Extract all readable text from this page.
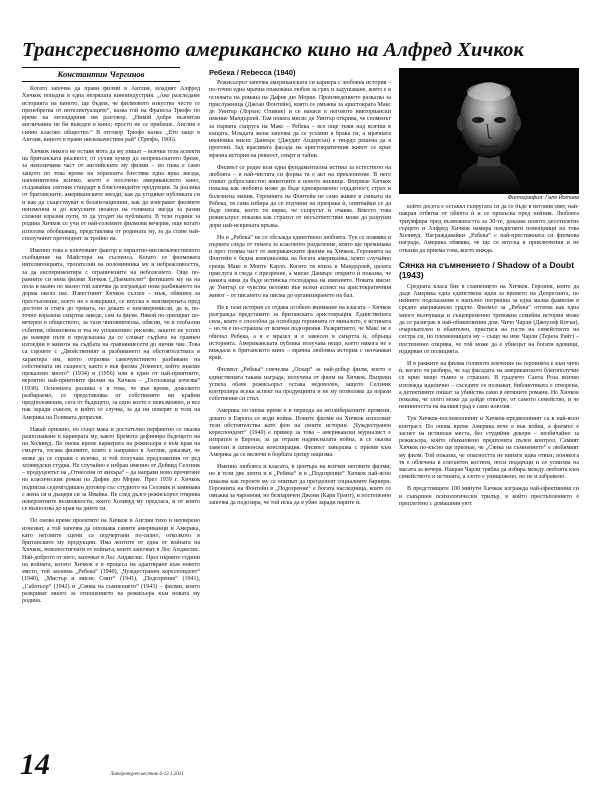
Трансгресивното американско кино на Алфред Хичкок
Константин Чергинов

Когато започва да прави филми в Англия, младият Алфред Хичкок попадна в една незрялата киноиндустрия. „Ако разгледаме историята на киното, ще бъдем, че филмовото изкуство често се пренебрегва от интелектуалците“, казва той на Франсоа Трюфо по време на легендарния им разговор. „Никой добре възпитан англичанин не би въведен в кино; просто не се прибеше. Англия е синно класово общество.“ В отговор Трюфо казва: „Ето защо в Англия, киното в прави нискокачествен рай“ (Трюфо, 1966).

Хичкок никога не оставя мота да му пишат – всички тези аспекти на британската реалност, от сухия хумор до непрекъснатото бреме, за неизличима част от английските му филми – но пъва е само защото по това време на хоризонта блестява една ярка звезда, напомнителна всичко, което е посочено американското кино, създавайки златния стандарт в блясъчнидейте продукции. За разлика от британските, американските звезди, как да угодяват публиката си и как да съществуват в безапелационни, как да изиграват филмите неизменни и до изкусните нюанси на голямата звезда за разни сложни изразни пути, то да угодят на публиката. В тези години за родина Хичкок се учи от най-големите филмови вечерия, още когато използва обобщаващ, представлява от родината му, за да стане най-сполучният претендент за тройно на.

Именно това е ключовият фактор в еврилтно-висококачественото съобщение на Майстора на съспенса. Когато се филмовата интелигенцията, трогателни на половинника му и небрежливостта, за да експериментира с ограничените на неболезнето. Още по-ранните си нема филми Хичкок („Наемателят“ фетишите му на на пола и мазно по мазно той започва да изграждат нова разбиването на дорма около нас. Известният Хичкок сълзен – мъж, обвинен за престъпление, което не е извършил, се впуска в неизмерената пред достоен и стига до тревата, но докато е неизмеромисли, да и, по-точно изразена смъртна заведе, сам за филм. Някой по-зреещиат по-вечерен в обществото, за тази чиновническа, обясни, че в глобални събития, обикновена и тоа не уплашениес рискове, защото не успял да намери пътя в предсказана да се сложат съдбата на сравнен изгледни в живота на съдбата на сравняниесети до ничия чие. Това са сцените с „Двойственият и разбиването на обстоятелствата в характера им, което отразява самочувствието разбиване на собствената ни същност, както е във филма „Човекът, който знаеше прекалено много“ (1934) и (1956) или в един от най-приятните, вероятно най-приятните филми на Хичкок – „Госпожица изчезва“ (1938). Основната разлика е в това, че във време, доколкото разбираемо, се представлява от собствените ни крайни предположения, сега от бъдещето, за едно което е невъзможно, и все пак заради съвсем, в който се случва, за да ни поверят и тези на Америка на Голямата депресия.

Накай орновно, но също мака и достатъчно перфектно се оказва разпознаване в кариерата му, както Бремота дефинира бъдещото на на Холивуд. По онова време кариерата на режисьора е към края на смъртта, тогава филмите, които е направил в Англия, доказват, че може да се справи с всичко, и той получава предложения от ред холивудски студиа. Не случайно е избран именно от Дейвид Селзник – продуцентът на „Отнесени от вихъра“ – да направи ново прочитане на класическия роман на Дафне дю Морие. През 1939 г. Хичкок подписва седемгодишен договор със студиото на Селзник и заминава с жена си и дъщеря си за Ямайка. Не след дълго режисьорът открива невероятните възможности, които Холивуд му предлага, и от които се възползва до края на дните си.

По онова време проектите на Хичкок в Англия тихо и неуверено изчезват, а той започва да опознава самите американци и Америка, като неговите сцени са подчертани по-силно, отколкото в британските му продукции. Има лентите от една от войната на Хичкок, новопостигнати от войната, които започват в Лос Анджелис. Най-доброто от него, започват в Лос Анджелис. През първите години на войната, когато Хичкок е в процеса на адаптиране към новото място, той заснема „Ребека“ (1940), „Чуждестранен кореспондент“ (1940), „Мистър и мисис Смит“ (1941), „Подозрение“ (1941), „Саботьор“ (1942) и „Сянка на съмнението“ (1943) – филми, които разкриват много за отношението на режисьора към новата му родина.

Ребека / Rebecca (1940)

Режисьорът започва американската си кариера с любовна история – по-точно една мрачна опакована любов за грях и задушаване, която е в основата на романа на Дафне дю Морие. Произведението разказва за прислужница (Джоан Фонтейн), която се омъжва за аристократа Макс де Уинтър (Лорънс Оливие) и се нанася в неговото викториански имение Мандърлей. Там новата мисис де Уинтър открива, че споменът за първата съпруга на Макс – Ребека – все още тежи над всички в къщата. Младата жена започва да се усъмни в брака си, а мрачната икономка мисис Данвърс (Джудит Андерсън) е твърдо решена да я прогони. Зад красивата фасада на аристократичния живот се крие мрачна история на ревност, смърт и тайни.

Филмът се родее към една фундаментална истина за естеството на любовта – в най-чистата си форма тя е акт на преклонение. В него отиват добросъвестно животните в новото жилище. Впервые Хичкок показва как любовта може да бъде едновременно отдаденост, страх и болезнена мания. Героинята на Фонтейн не само живее в сянката на Ребека, тя сама избира да се подчини на призрака ѝ, опитвайки се да бъде онова, което тя вярва, че съпругът ѝ очаква. Вместо това режисьорът показва как страхът от несъответствие може да разруши дори най-искрената връзка.

Но в „Ребека“ не се обсъжда единствено любовта. Тук се появява и първата следа от темата за класовото разделение, която ще преминава и през голяма част от американските филми на Хичкок. Героинята на Фонтейн е бедна компаньонка на богата американка, която случайно среща Макс в Монте Карло. Когато тя влиза в Мандърлей, цялата прислуга я гледа с презрение, а мисис Данвърс открито ѝ показва, че никога няма да бъде истинска господарка на имението. Новата мисис де Уинтър се чувства неловко във всеки аспект на аристократичния живот – от писането на писма до организирането на бал.

Не в тази история се отдава особено внимание на класата – Хичкок разгражда представите за британската аристокрация. Единствената сила, която е способна да освободи героинята от миналото, е истината – но тя е по-страшна от всички подозрения. Разкритието, че Макс не е обичал Ребека, а я е мразел и е замесен в смъртта ѝ, обръща историята. Американската публика получава нещо, което никога не е виждала в британското кино – мрачна любовна история с неочакван край.

Филмът „Ребека“ спечелва „Оскар“ за най-добър филм, което е единствената такава награда, получена от филм на Хичкок. Въпреки успеха обаче режисьорът остава недоволен, защото Селзник контролира всеки аспект на продукцията и не му позволява да изрази собствения си стил.

Америка по онова време е в периода на неолибералните промени, докато в Европа се води война. Новите филми на Хичкок използват тези обстоятелства като фон на своите истории. „Чуждестранен кореспондент“ (1940) е пример за това – американски журналист е изпратен в Европа, за да отрази надвисналата война, и се оказва замесен в шпионска конспирация. Филмът завършва с призив към Америка да се включи в борбата срещу нацизма.

Именно любовта и класата, в центъра на всички неговите филми, но в тези две ленти и в „Ребека“ и в „Подозрение“ Хичкок най-ясно показва как героите му се опитват да преодолеят социалните бариери. Героинята на Фонтейн в „Подозрение“ е богата наследница, която се омъжва за чаровния, но безпаричен Джони (Кари Грант), и постепенно започва да подозира, че той иска да я убие заради парите ѝ.

Фотография: Галя Йотова

който досега е оставял съпругата си да се бъде в неговия свят, най-накрая отбягва от обичта ѝ и се прекъсва пред нейния. Любовта триумфира пред възможността за 30-те, доказва новото десетилетие сърцето и Алфред Хичкок намира повдигнати помощници на това Холивуд. Награждавайки „Ребека“ с най-престижната си филмова награда, Америка обявява, че ще се впуска в приключения и не отказва да приема това, което вижда.

Сянка на съмнението / Shadow of a Doubt (1943)

Средната класа бие в съмнението на Хичкок. Героиня, която да даде Америка една единствена идея за времето на Депресията, по нейните подсказания е напълно погрешна за една малка фамилия в средно американско градче. Филмът за „Ребека“ отгатва как една много вълнуваща и същевременно тревожна семейна история може да се разиграе в най-обикновения дом. Чичо Чарли (Джоузеф Котън), очарователен и обаятелен, пристига на гости на семейството на сестра си, но племенницата му – също на име Чарли (Тереза Райт) – постепенно открива, че той може да е убиецът на богати вдовици, издирван от полицията.

И в рамките на филма голямото влечение на героинята е към чичо ѝ, когато тя разбира, че зад фасадата на американското благополучие се крие нещо тъмно и страшно. В градчето Санта Роза всичко изглежда идилично – съседите се познават, библиотеката е отворена, а детективите пишат за убийства само в евтините романи. Но Хичкок показва, че злото може да дойде отвътре, от самото семейство, и че невинността на малкия град е само илюзия.

Тук Хичкок-послевоенният и Хичкок-предвоенният са в най-ясен контраст. По онова време Америка вече е във война, а филмът е заснет на истински места, без студийни декори – необичайно за режисьора, който обикновено предпочита пълен контрол. Самият Хичкок по-късно ще признае, че „Сянка на съмнението“ е любимият му филм. Той показва, че опасността не винаги идва отвън; понякога тя е облечена в елегантен костюм, носи подаръци и се усмихва на масата за вечеря. Накрая Чарли трябва да избира между любовта към семейството и истината, а злото е унищожено, но не и забравено.

В предстоящите 100 минути Хичкок изгражда най-ефективния си и съвършен психологически трилър, в който престъплението е преплетено с домашния уют.

14	Литературен вестник 6-12.1.2021
